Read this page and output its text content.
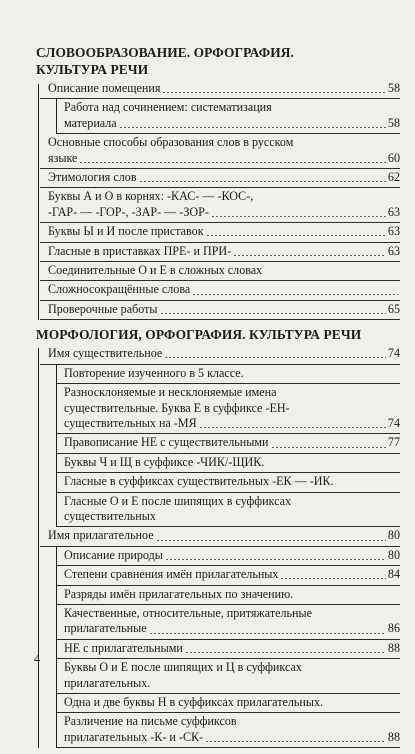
СЛОВООБРАЗОВАНИЕ. ОРФОГРАФИЯ.
КУЛЬТУРА РЕЧИ
Описание помещения	58
Работа над сочинением: систематизация
материала	58
Основные способы образования слов в русском
языке	60
Этимология слов	62
Буквы А и О в корнях: -КАС- — -КОС-,
-ГАР- — -ГОР-, -ЗАР- — -ЗОР-	63
Буквы Ы и И после приставок	63
Гласные в приставках ПРЕ- и ПРИ-	63
Соединительные О и Е в сложных словах
Сложносокращённые слова
Проверочные работы	65
МОРФОЛОГИЯ, ОРФОГРАФИЯ. КУЛЬТУРА РЕЧИ
Имя существительное	74
Повторение изученного в 5 классе.
Разносклоняемые и несклоняемые имена
существительные. Буква Е в суффиксе -ЕН-
существительных на -МЯ	74
Правописание НЕ с существительными	77
Буквы Ч и Щ в суффиксе -ЧИК/-ЩИК.
Гласные в суффиксах существительных -ЕК — -ИК.
Гласные О и Е после шипящих в суффиксах
существительных
Имя прилагательное	80
Описание природы	80
Степени сравнения имён прилагательных	84
Разряды имён прилагательных по значению.
Качественные, относительные, притяжательные
прилагательные	86
НЕ с прилагательными	88
Буквы О и Е после шипящих и Ц в суффиксах
прилагательных.
Одна и две буквы Н в суффиксах прилагательных.
Различение на письме суффиксов
прилагательных -К- и -СК-	88
4
